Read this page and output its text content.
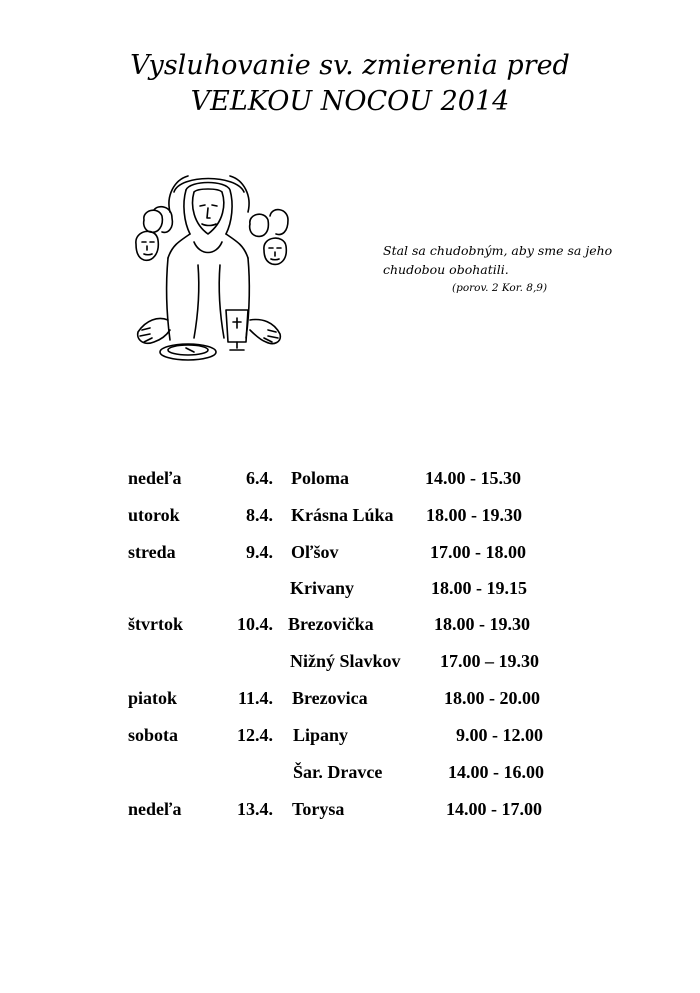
Vysluhovanie sv. zmierenia pred
VEĽKOU NOCOU 2014
Stal sa chudobným, aby sme sa jeho
chudobou obohatili.
(porov. 2 Kor. 8,9)
nedeľa	6.4. Poloma	14.00 - 15.30
utorok	8.4. Krásna Lúka 18.00 - 19.30
streda	9.4. Oľšov	17.00 - 18.00
Krivany	18.00 - 19.15
štvrtok	10.4. Brezovička	18.00 - 19.30
Nižný Slavkov 17.00 – 19.30
piatok	11.4. Brezovica	18.00 - 20.00
sobota	12.4. Lipany	9.00 - 12.00
Šar. Dravce	14.00 - 16.00
nedeľa	13.4. Torysa	14.00 - 17.00
